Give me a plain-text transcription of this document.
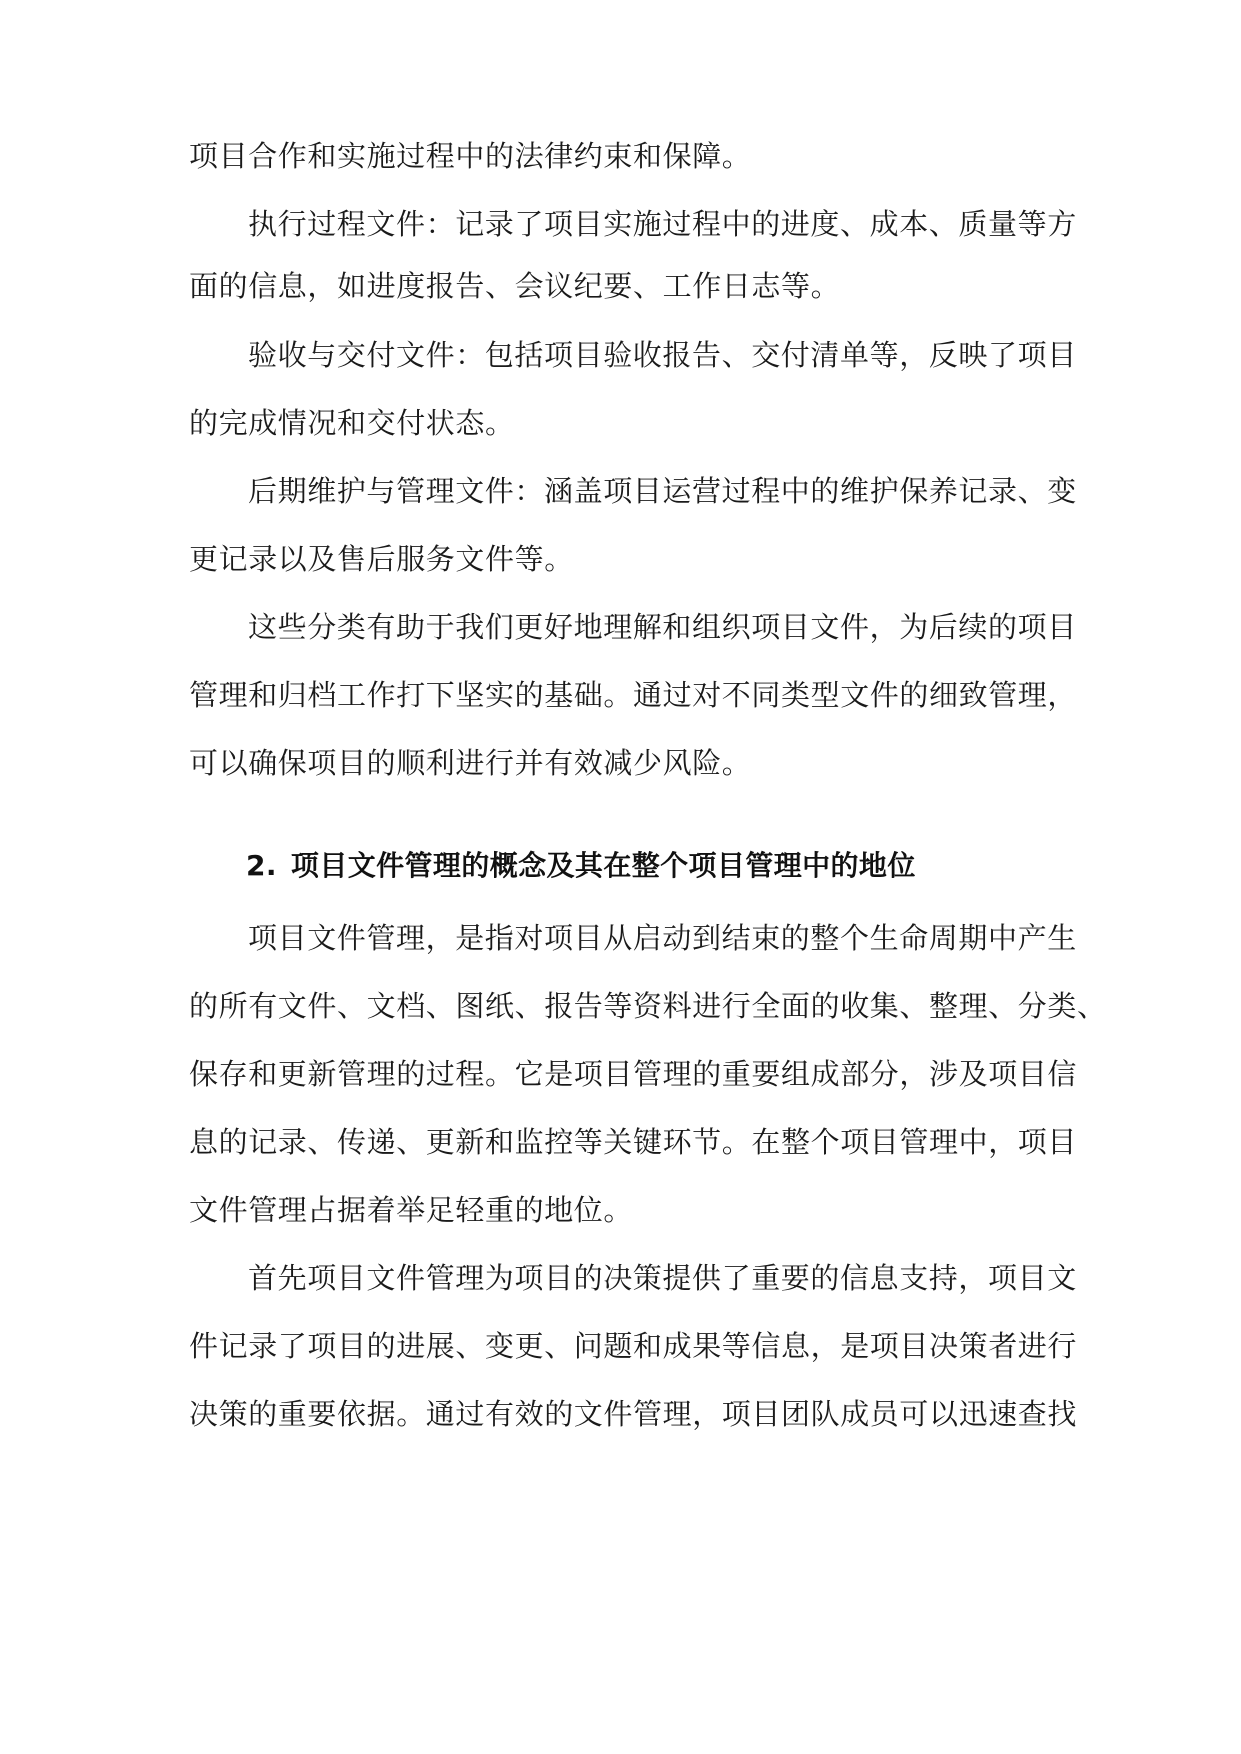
项目合作和实施过程中的法律约束和保障。

执行过程文件：记录了项目实施过程中的进度、成本、质量等方

面的信息，如进度报告、会议纪要、工作日志等。

验收与交付文件：包括项目验收报告、交付清单等，反映了项目

的完成情况和交付状态。

后期维护与管理文件：涵盖项目运营过程中的维护保养记录、变

更记录以及售后服务文件等。

这些分类有助于我们更好地理解和组织项目文件，为后续的项目

管理和归档工作打下坚实的基础。通过对不同类型文件的细致管理，

可以确保项目的顺利进行并有效减少风险。

2. 项目文件管理的概念及其在整个项目管理中的地位

项目文件管理，是指对项目从启动到结束的整个生命周期中产生

的所有文件、文档、图纸、报告等资料进行全面的收集、整理、分类、

保存和更新管理的过程。它是项目管理的重要组成部分，涉及项目信

息的记录、传递、更新和监控等关键环节。在整个项目管理中，项目

文件管理占据着举足轻重的地位。

首先项目文件管理为项目的决策提供了重要的信息支持，项目文

件记录了项目的进展、变更、问题和成果等信息，是项目决策者进行

决策的重要依据。通过有效的文件管理，项目团队成员可以迅速查找
